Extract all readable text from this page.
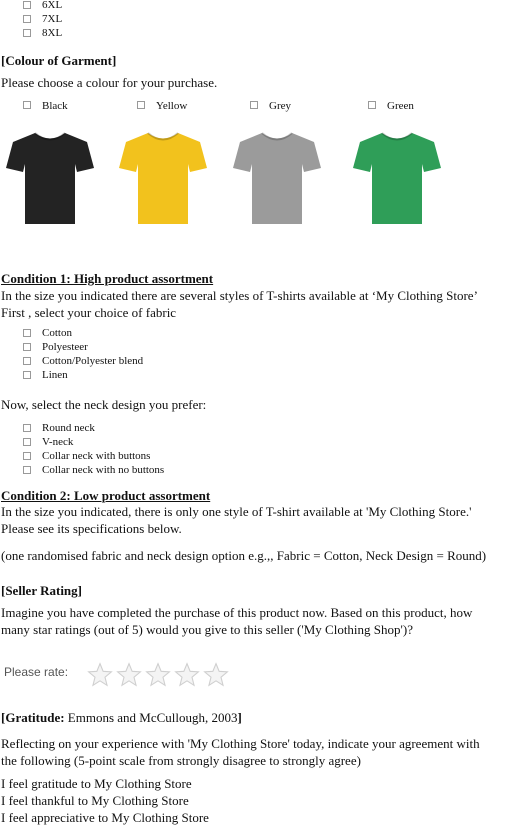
6XL
7XL
8XL
[Colour of Garment]
Please choose a colour for your purchase.
Black	Yellow	Grey	Green
Condition 1: High product assortment
In the size you indicated there are several styles of T-shirts available at ‘My Clothing Store’
First , select your choice of fabric
Cotton
Polyesteer
Cotton/Polyester blend
Linen
Now, select the neck design you prefer:
Round neck
V-neck
Collar neck with buttons
Collar neck with no buttons
Condition 2: Low product assortment
In the size you indicated, there is only one style of T-shirt available at 'My Clothing Store.'
Please see its specifications below.
(one randomised fabric and neck design option e.g.,, Fabric = Cotton, Neck Design = Round)
[Seller Rating]
Imagine you have completed the purchase of this product now. Based on this product, how
many star ratings (out of 5) would you give to this seller ('My Clothing Shop')?
Please rate:
[Gratitude: Emmons and McCullough, 2003]
Reflecting on your experience with 'My Clothing Store' today, indicate your agreement with
the following (5-point scale from strongly disagree to strongly agree)
I feel gratitude to My Clothing Store
I feel thankful to My Clothing Store
I feel appreciative to My Clothing Store
